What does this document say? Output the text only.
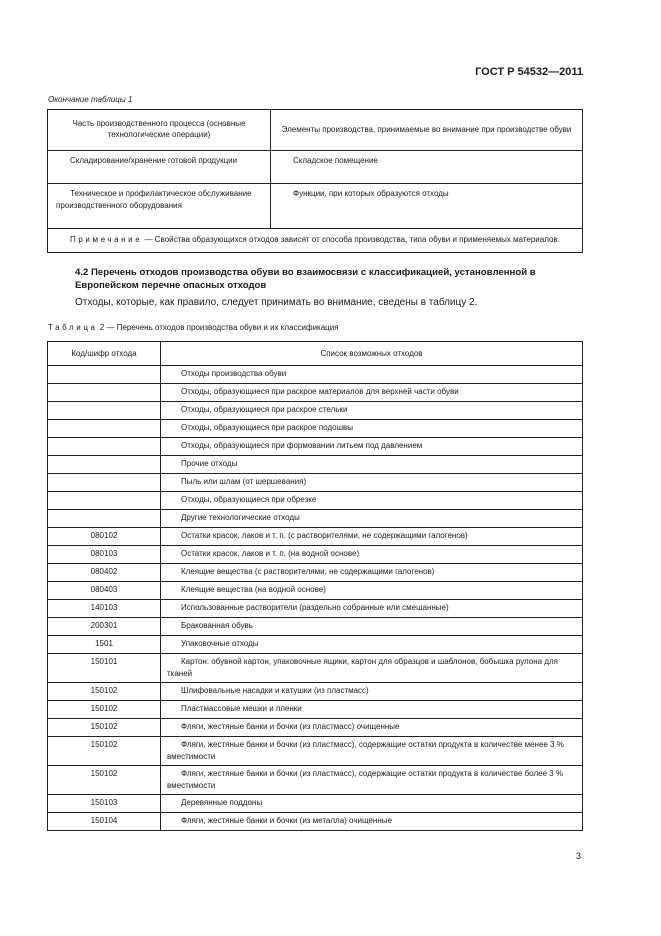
ГОСТ Р 54532—2011
Окончание таблицы 1
Часть производственного процесса (основные технологические операции)	Элементы производства, принимаемые во внимание при производстве обуви
Складирование/хранение готовой продукции	Складское помещение
Техническое и профилактическое обслуживание производственного оборудования	Функции, при которых образуются отходы
Примечание — Свойства образующихся отходов зависят от способа производства, типа обуви и применяемых материалов.	
4.2 Перечень отходов производства обуви во взаимосвязи с классификацией, установленной в Европейском перечне опасных отходов
Отходы, которые, как правило, следует принимать во внимание, сведены в таблицу 2.
Таблица 2 — Перечень отходов производства обуви и их классификация
Код/шифр отхода	Список возможных отходов
	Отходы производства обуви
	Отходы, образующиеся при раскрое материалов для верхней части обуви
	Отходы, образующиеся при раскрое стельки
	Отходы, образующиеся при раскрое подошвы
	Отходы, образующиеся при формовании литьем под давлением
	Прочие отходы
	Пыль или шлам (от шершевания)
	Отходы, образующиеся при обрезке
	Другие технологические отходы
080102	Остатки красок, лаков и т. п. (с растворителями, не содержащими галогенов)
080103	Остатки красок, лаков и т. п. (на водной основе)
080402	Клеящие вещества (с растворителями, не содержащими галогенов)
080403	Клеящие вещества (на водной основе)
140103	Использованные растворители (раздельно собранные или смешанные)
200301	Бракованная обувь
1501	Упаковочные отходы
150101	Картон: обувной картон, упаковочные ящики, картон для образцов и шаблонов, бобышка рулона для тканей
150102	Шлифовальные насадки и катушки (из пластмасс)
150102	Пластмассовые мешки и пленки
150102	Фляги, жестяные банки и бочки (из пластмасс) очищенные
150102	Фляги, жестяные банки и бочки (из пластмасс), содержащие остатки продукта в количестве менее 3 % вместимости
150102	Фляги, жестяные банки и бочки (из пластмасс), содержащие остатки продукта в количестве более 3 % вместимости
150103	Деревянные поддоны
150104	Фляги, жестяные банки и бочки (из металла) очищенные
3
